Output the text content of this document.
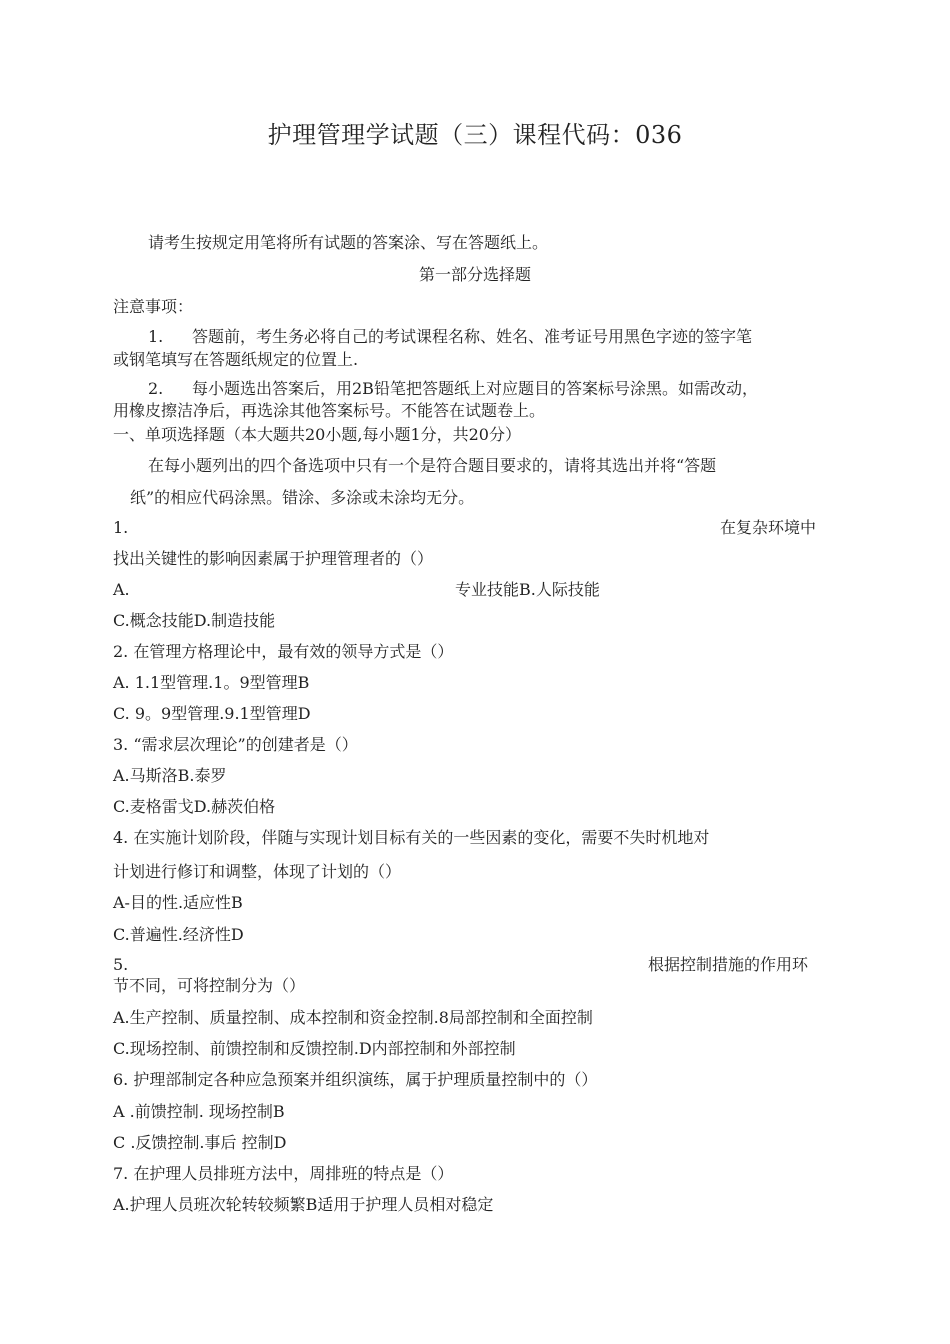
护理管理学试题（三）课程代码：036
请考生按规定用笔将所有试题的答案涂、写在答题纸上。
第一部分选择题
注意事项：
1. 答题前，考生务必将自己的考试课程名称、姓名、准考证号用黑色字迹的签字笔
或钢笔填写在答题纸规定的位置上.
2. 每小题选出答案后，用2B铅笔把答题纸上对应题目的答案标号涂黑。如需改动，
用橡皮擦洁净后，再选涂其他答案标号。不能答在试题卷上。
一、单项选择题（本大题共20小题,每小题1分，共20分）
在每小题列出的四个备选项中只有一个是符合题目要求的，请将其选出并将“答题
纸”的相应代码涂黑。错涂、多涂或未涂均无分。
1.	在复杂环境中
找出关键性的影响因素属于护理管理者的（）
A.	专业技能B.人际技能
C.概念技能D.制造技能
2. 在管理方格理论中，最有效的领导方式是（）
A. 1.1型管理.1。9型管理B
C. 9。9型管理.9.1型管理D
3. “需求层次理论”的创建者是（）
A.马斯洛B.泰罗
C.麦格雷戈D.赫茨伯格
4. 在实施计划阶段，伴随与实现计划目标有关的一些因素的变化，需要不失时机地对
计划进行修订和调整，体现了计划的（）
A-目的性.适应性B
C.普遍性.经济性D
5.	根据控制措施的作用环
节不同，可将控制分为（）
A.生产控制、质量控制、成本控制和资金控制.8局部控制和全面控制
C.现场控制、前馈控制和反馈控制.D内部控制和外部控制
6. 护理部制定各种应急预案并组织演练，属于护理质量控制中的（）
A .前馈控制. 现场控制B
C .反馈控制.事后 控制D
7. 在护理人员排班方法中，周排班的特点是（）
A.护理人员班次轮转较频繁B适用于护理人员相对稳定
